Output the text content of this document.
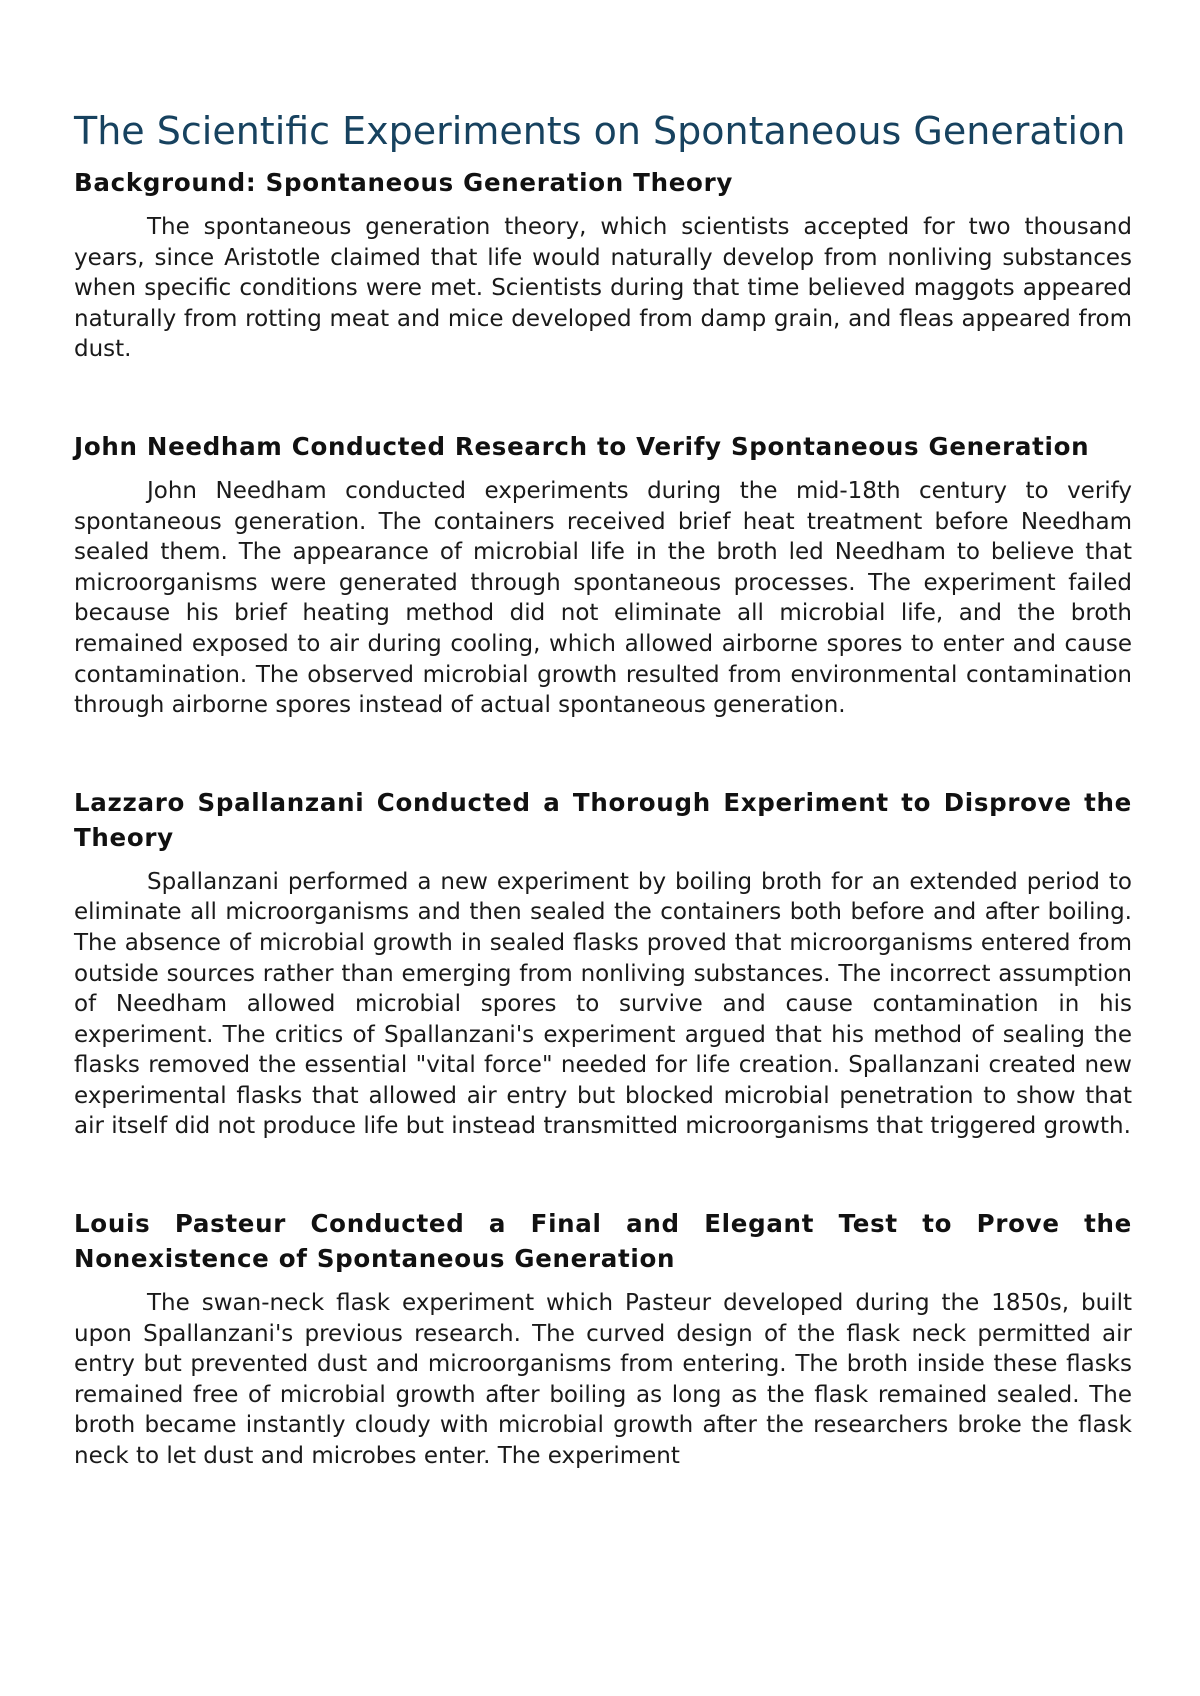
The Scientific Experiments on Spontaneous Generation
Background: Spontaneous Generation Theory

The spontaneous generation theory, which scientists accepted for two thousand years, since Aristotle claimed that life would naturally develop from nonliving substances when specific conditions were met. Scientists during that time believed maggots appeared naturally from rotting meat and mice developed from damp grain, and fleas appeared from dust.

John Needham Conducted Research to Verify Spontaneous Generation

John Needham conducted experiments during the mid-18th century to verify spontaneous generation. The containers received brief heat treatment before Needham sealed them. The appearance of microbial life in the broth led Needham to believe that microorganisms were generated through spontaneous processes. The experiment failed because his brief heating method did not eliminate all microbial life, and the broth remained exposed to air during cooling, which allowed airborne spores to enter and cause contamination. The observed microbial growth resulted from environmental contamination through airborne spores instead of actual spontaneous generation.

Lazzaro Spallanzani Conducted a Thorough Experiment to Disprove the Theory

Spallanzani performed a new experiment by boiling broth for an extended period to eliminate all microorganisms and then sealed the containers both before and after boiling. The absence of microbial growth in sealed flasks proved that microorganisms entered from outside sources rather than emerging from nonliving substances. The incorrect assumption of Needham allowed microbial spores to survive and cause contamination in his experiment. The critics of Spallanzani's experiment argued that his method of sealing the flasks removed the essential "vital force" needed for life creation. Spallanzani created new experimental flasks that allowed air entry but blocked microbial penetration to show that air itself did not produce life but instead transmitted microorganisms that triggered growth.

Louis Pasteur Conducted a Final and Elegant Test to Prove the Nonexistence of Spontaneous Generation

The swan-neck flask experiment which Pasteur developed during the 1850s, built upon Spallanzani's previous research. The curved design of the flask neck permitted air entry but prevented dust and microorganisms from entering. The broth inside these flasks remained free of microbial growth after boiling as long as the flask remained sealed. The broth became instantly cloudy with microbial growth after the researchers broke the flask neck to let dust and microbes enter. The experiment
